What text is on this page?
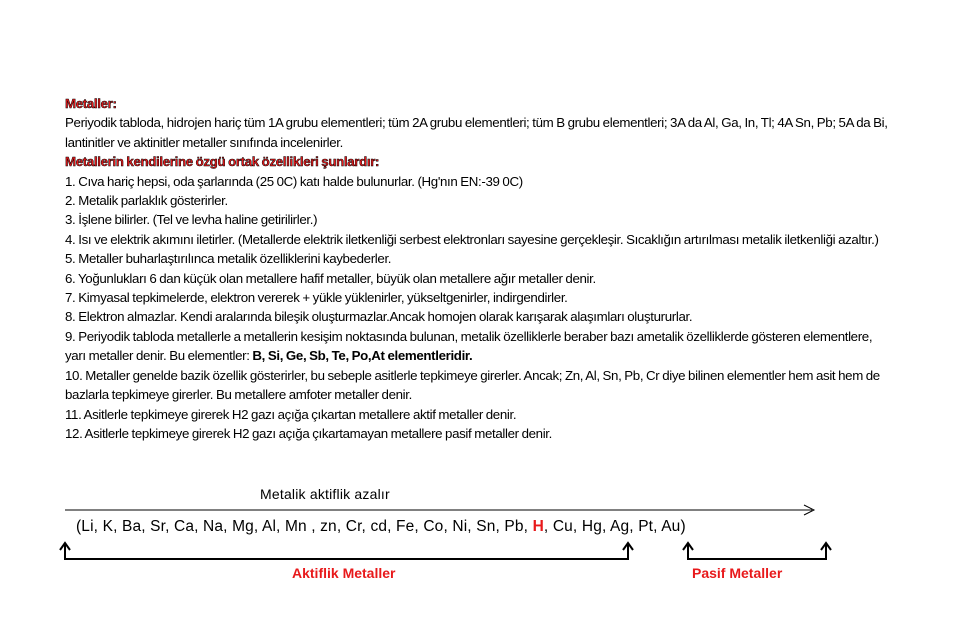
Metaller:

Periyodik tabloda, hidrojen hariç tüm 1A grubu elementleri; tüm 2A grubu elementleri; tüm B grubu elementleri; 3A da Al, Ga, In, Tl; 4A Sn, Pb; 5A da Bi, lantinitler ve aktinitler metaller sınıfında incelenirler.

Metallerin kendilerine özgü ortak özellikleri şunlardır:

1. Cıva hariç hepsi, oda şarlarında (25 0C) katı halde bulunurlar. (Hg'nın EN:-39 0C)

2. Metalik parlaklık gösterirler.

3. İşlene bilirler. (Tel ve levha haline getirilirler.)

4. Isı ve elektrik akımını iletirler. (Metallerde elektrik iletkenliği serbest elektronları sayesine gerçekleşir. Sıcaklığın artırılması metalik iletkenliği azaltır.)

5. Metaller buharlaştırılınca metalik özelliklerini kaybederler.

6. Yoğunlukları 6 dan küçük olan metallere hafif metaller, büyük olan metallere ağır metaller denir.

7. Kimyasal tepkimelerde, elektron vererek + yükle yüklenirler, yükseltgenirler, indirgendirler.

8. Elektron almazlar. Kendi aralarında bileşik oluşturmazlar.Ancak homojen olarak karışarak alaşımları oluştururlar.

9. Periyodik tabloda metallerle a metallerin kesişim noktasında bulunan, metalik özelliklerle beraber bazı ametalik özelliklerde gösteren elementlere, yarı metaller denir. Bu elementler: B, Si, Ge, Sb, Te, Po,At elementleridir.

10. Metaller genelde bazik özellik gösterirler, bu sebeple asitlerle tepkimeye girerler. Ancak; Zn, Al, Sn, Pb, Cr diye bilinen elementler hem asit hem de bazlarla tepkimeye girerler. Bu metallere amfoter metaller denir.

11. Asitlerle tepkimeye girerek H2 gazı açığa çıkartan metallere aktif metaller denir.

12. Asitlerle tepkimeye girerek H2 gazı açığa çıkartamayan metallere pasif metaller denir.

Metalik aktiflik azalır
(Li, K, Ba, Sr, Ca, Na, Mg, Al, Mn , zn, Cr, cd, Fe, Co, Ni, Sn, Pb, H, Cu, Hg, Ag, Pt, Au)
Aktiflik Metaller	Pasif Metaller
